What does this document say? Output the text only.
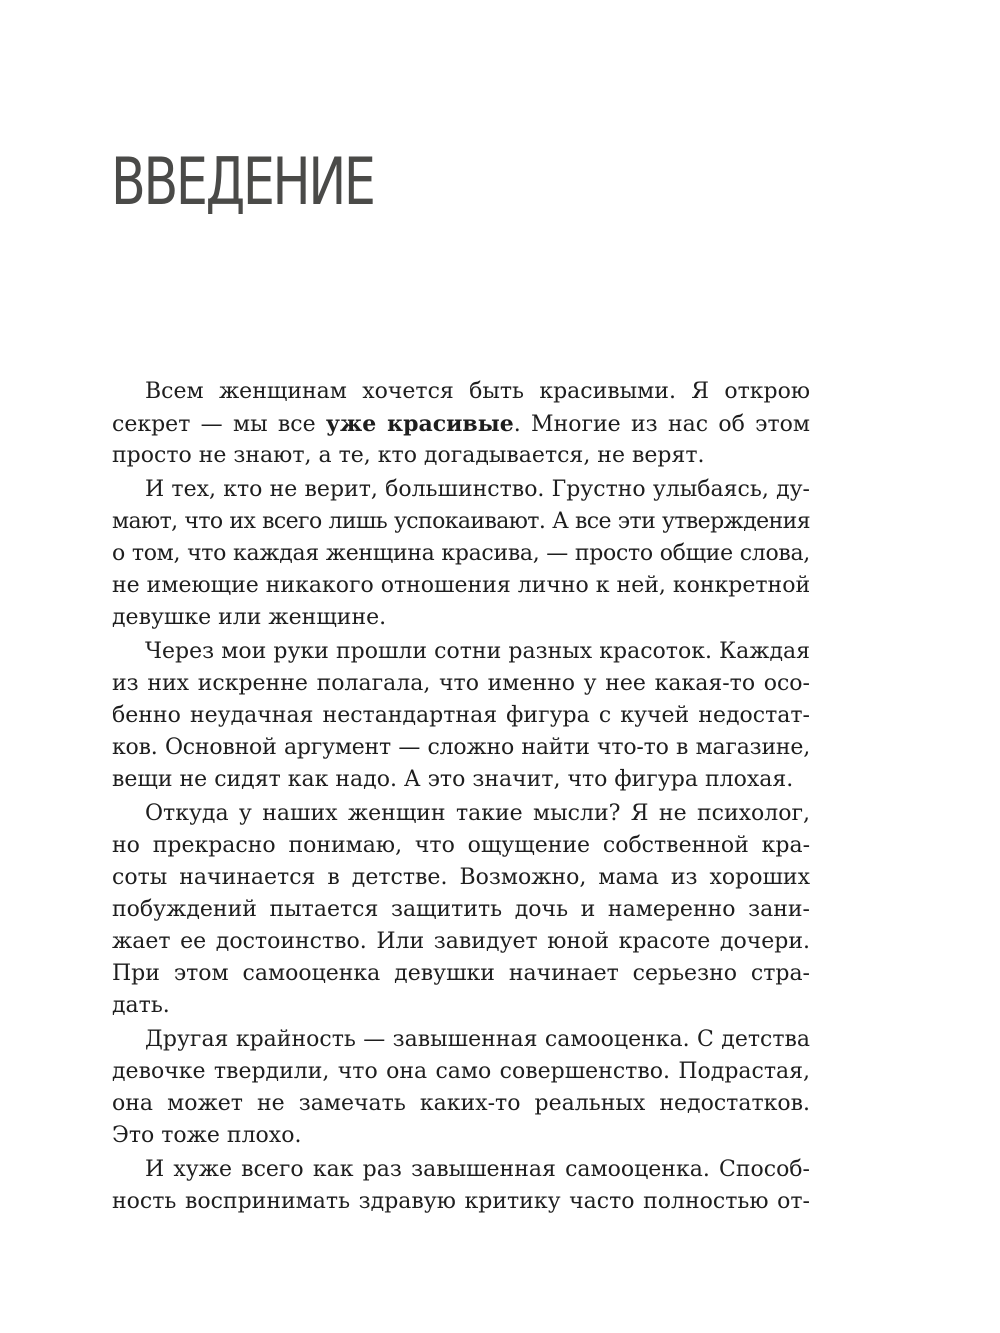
ВВЕДЕНИЕ
Всем женщинам хочется быть красивыми. Я открою
секрет — мы все уже красивые. Многие из нас об этом
просто не знают, а те, кто догадывается, не верят.
И тех, кто не верит, большинство. Грустно улыбаясь, ду-
мают, что их всего лишь успокаивают. А все эти утверждения
о том, что каждая женщина красива, — просто общие слова,
не имеющие никакого отношения лично к ней, конкретной
девушке или женщине.
Через мои руки прошли сотни разных красоток. Каждая
из них искренне полагала, что именно у нее какая-то осо-
бенно неудачная нестандартная фигура с кучей недостат-
ков. Основной аргумент — сложно найти что-то в магазине,
вещи не сидят как надо. А это значит, что фигура плохая.
Откуда у наших женщин такие мысли? Я не психолог,
но прекрасно понимаю, что ощущение собственной кра-
соты начинается в детстве. Возможно, мама из хороших
побуждений пытается защитить дочь и намеренно зани-
жает ее достоинство. Или завидует юной красоте дочери.
При этом самооценка девушки начинает серьезно стра-
дать.
Другая крайность — завышенная самооценка. С детства
девочке твердили, что она само совершенство. Подрастая,
она может не замечать каких-то реальных недостатков.
Это тоже плохо.
И хуже всего как раз завышенная самооценка. Способ-
ность воспринимать здравую критику часто полностью от-
